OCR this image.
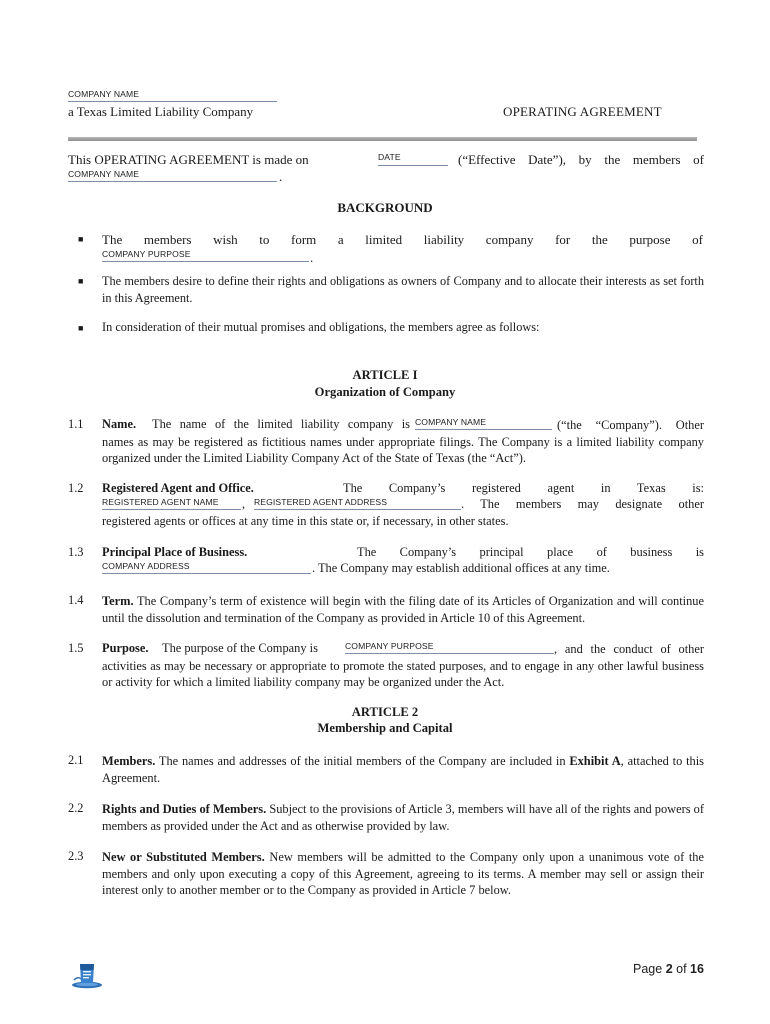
COMPANY NAME
a Texas Limited Liability Company	OPERATING AGREEMENT
This OPERATING AGREEMENT is made on	DATE	(“Effective Date”), by the members of
COMPANY NAME	.
BACKGROUND
■ The members wish to form a limited liability company for the purpose of
COMPANY PURPOSE	.
■ The members desire to define their rights and obligations as owners of Company and to allocate their interests as set forth in this Agreement.
■ In consideration of their mutual promises and obligations, the members agree as follows:
ARTICLE I
Organization of Company
1.1	Name. The name of the limited liability company is COMPANY NAME	(“the “Company”). Other names as may be registered as fictitious names under appropriate filings. The Company is a limited liability company organized under the Limited Liability Company Act of the State of Texas (the “Act”).
1.2	Registered Agent and Office.	The Company’s registered agent in Texas is:
REGISTERED AGENT NAME	, REGISTERED AGENT ADDRESS	. The members may designate other
registered agents or offices at any time in this state or, if necessary, in other states.
1.3	Principal Place of Business.	The Company’s principal place of business is
COMPANY ADDRESS	. The Company may establish additional offices at any time.
1.4	Term. The Company’s term of existence will begin with the filing date of its Articles of Organization and will continue until the dissolution and termination of the Company as provided in Article 10 of this Agreement.
1.5	Purpose. The purpose of the Company is	COMPANY PURPOSE	, and the conduct of other activities as may be necessary or appropriate to promote the stated purposes, and to engage in any other lawful business or activity for which a limited liability company may be organized under the Act.
ARTICLE 2
Membership and Capital
2.1	Members. The names and addresses of the initial members of the Company are included in Exhibit A, attached to this Agreement.
2.2	Rights and Duties of Members. Subject to the provisions of Article 3, members will have all of the rights and powers of members as provided under the Act and as otherwise provided by law.
2.3	New or Substituted Members. New members will be admitted to the Company only upon a unanimous vote of the members and only upon executing a copy of this Agreement, agreeing to its terms. A member may sell or assign their interest only to another member or to the Company as provided in Article 7 below.
Page 2 of 16
